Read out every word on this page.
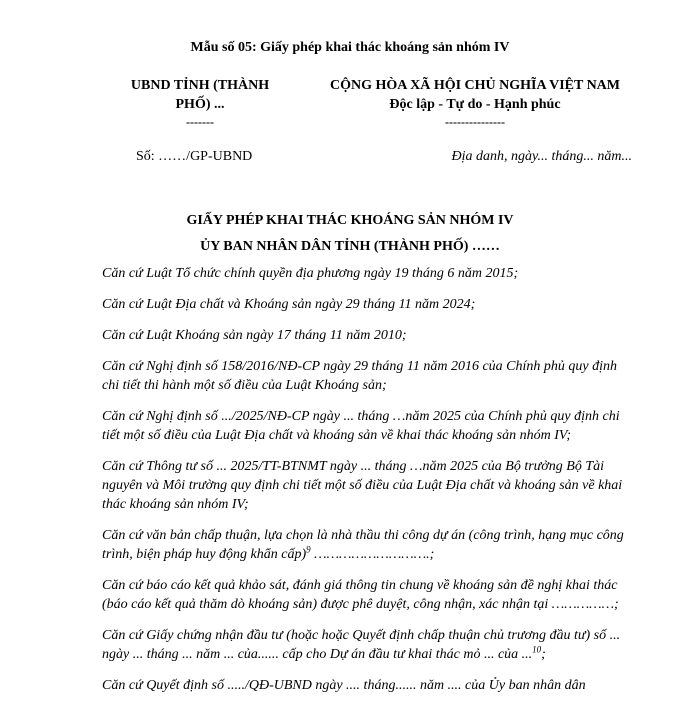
Mẫu số 05: Giấy phép khai thác khoáng sản nhóm IV
UBND TỈNH (THÀNH
PHỐ) ...
-------
CỘNG HÒA XÃ HỘI CHỦ NGHĨA VIỆT NAM
Độc lập - Tự do - Hạnh phúc
---------------
Số: ……/GP-UBND	Địa danh, ngày... tháng... năm...
GIẤY PHÉP KHAI THÁC KHOÁNG SẢN NHÓM IV
ỦY BAN NHÂN DÂN TỈNH (THÀNH PHỐ) ……

Căn cứ Luật Tổ chức chính quyền địa phương ngày 19 tháng 6 năm 2015;

Căn cứ Luật Địa chất và Khoáng sản ngày 29 tháng 11 năm 2024;

Căn cứ Luật Khoáng sản ngày 17 tháng 11 năm 2010;

Căn cứ Nghị định số 158/2016/NĐ-CP ngày 29 tháng 11 năm 2016 của Chính phủ quy định chi tiết thi hành một số điều của Luật Khoáng sản;

Căn cứ Nghị định số .../2025/NĐ-CP ngày ... tháng …năm 2025 của Chính phủ quy định chi tiết một số điều của Luật Địa chất và khoáng sản về khai thác khoáng sản nhóm IV;

Căn cứ Thông tư số ... 2025/TT-BTNMT ngày ... tháng …năm 2025 của Bộ trưởng Bộ Tài nguyên và Môi trường quy định chi tiết một số điều của Luật Địa chất và khoáng sản về khai thác khoáng sản nhóm IV;

Căn cứ văn bản chấp thuận, lựa chọn là nhà thầu thi công dự án (công trình, hạng mục công trình, biện pháp huy động khẩn cấp)$^9$ ……………………….;

Căn cứ báo cáo kết quả khảo sát, đánh giá thông tin chung về khoáng sản đề nghị khai thác (báo cáo kết quả thăm dò khoáng sản) được phê duyệt, công nhận, xác nhận tại ……………;

Căn cứ Giấy chứng nhận đầu tư (hoặc hoặc Quyết định chấp thuận chủ trương đầu tư) số ... ngày ... tháng ... năm ... của...... cấp cho Dự án đầu tư khai thác mỏ ... của ...$^{10}$;

Căn cứ Quyết định số ...../QĐ-UBND ngày .... tháng...... năm .... của Ủy ban nhân dân
